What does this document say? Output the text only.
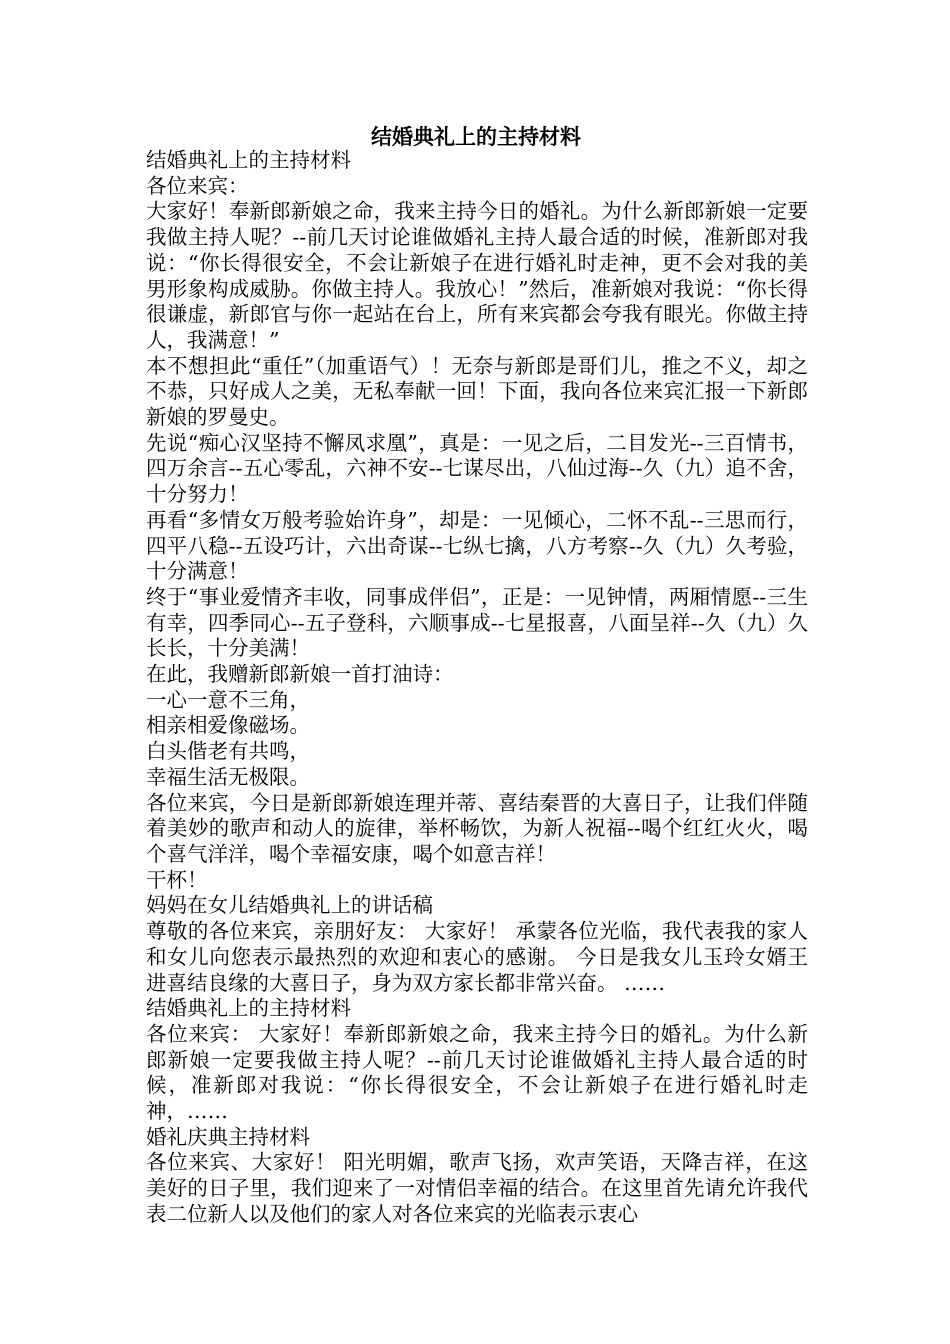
结婚典礼上的主持材料

结婚典礼上的主持材料

各位来宾：

大家好！奉新郎新娘之命，我来主持今日的婚礼。为什么新郎新娘一定要我做主持人呢？--前几天讨论谁做婚礼主持人最合适的时候，准新郎对我说：“你长得很安全，不会让新娘子在进行婚礼时走神，更不会对我的美男形象构成威胁。你做主持人。我放心！”然后，准新娘对我说：“你长得很谦虚，新郎官与你一起站在台上，所有来宾都会夸我有眼光。你做主持人，我满意！”

本不想担此“重任”（加重语气）！无奈与新郎是哥们儿，推之不义，却之不恭，只好成人之美，无私奉献一回！下面，我向各位来宾汇报一下新郎新娘的罗曼史。

先说“痴心汉坚持不懈凤求凰”，真是：一见之后，二目发光--三百情书，四万余言--五心零乱，六神不安--七谋尽出，八仙过海--久（九）追不舍，十分努力！

再看“多情女万般考验始许身”，却是：一见倾心，二怀不乱--三思而行，四平八稳--五设巧计，六出奇谋--七纵七擒，八方考察--久（九）久考验，十分满意！

终于“事业爱情齐丰收，同事成伴侣”，正是：一见钟情，两厢情愿--三生有幸，四季同心--五子登科，六顺事成--七星报喜，八面呈祥--久（九）久长长，十分美满！

在此，我赠新郎新娘一首打油诗：

一心一意不三角，

相亲相爱像磁场。

白头偕老有共鸣，

幸福生活无极限。

各位来宾，今日是新郎新娘连理并蒂、喜结秦晋的大喜日子，让我们伴随着美妙的歌声和动人的旋律，举杯畅饮，为新人祝福--喝个红红火火，喝个喜气洋洋，喝个幸福安康，喝个如意吉祥！

干杯！

妈妈在女儿结婚典礼上的讲话稿

尊敬的各位来宾，亲朋好友： 大家好！ 承蒙各位光临，我代表我的家人和女儿向您表示最热烈的欢迎和衷心的感谢。 今日是我女儿玉玲女婿王进喜结良缘的大喜日子，身为双方家长都非常兴奋。 ……

结婚典礼上的主持材料

各位来宾： 大家好！奉新郎新娘之命，我来主持今日的婚礼。为什么新郎新娘一定要我做主持人呢？--前几天讨论谁做婚礼主持人最合适的时候，准新郎对我说：“你长得很安全，不会让新娘子在进行婚礼时走神，……

婚礼庆典主持材料

各位来宾、大家好！ 阳光明媚，歌声飞扬，欢声笑语，天降吉祥，在这美好的日子里，我们迎来了一对情侣幸福的结合。在这里首先请允许我代表二位新人以及他们的家人对各位来宾的光临表示衷心
